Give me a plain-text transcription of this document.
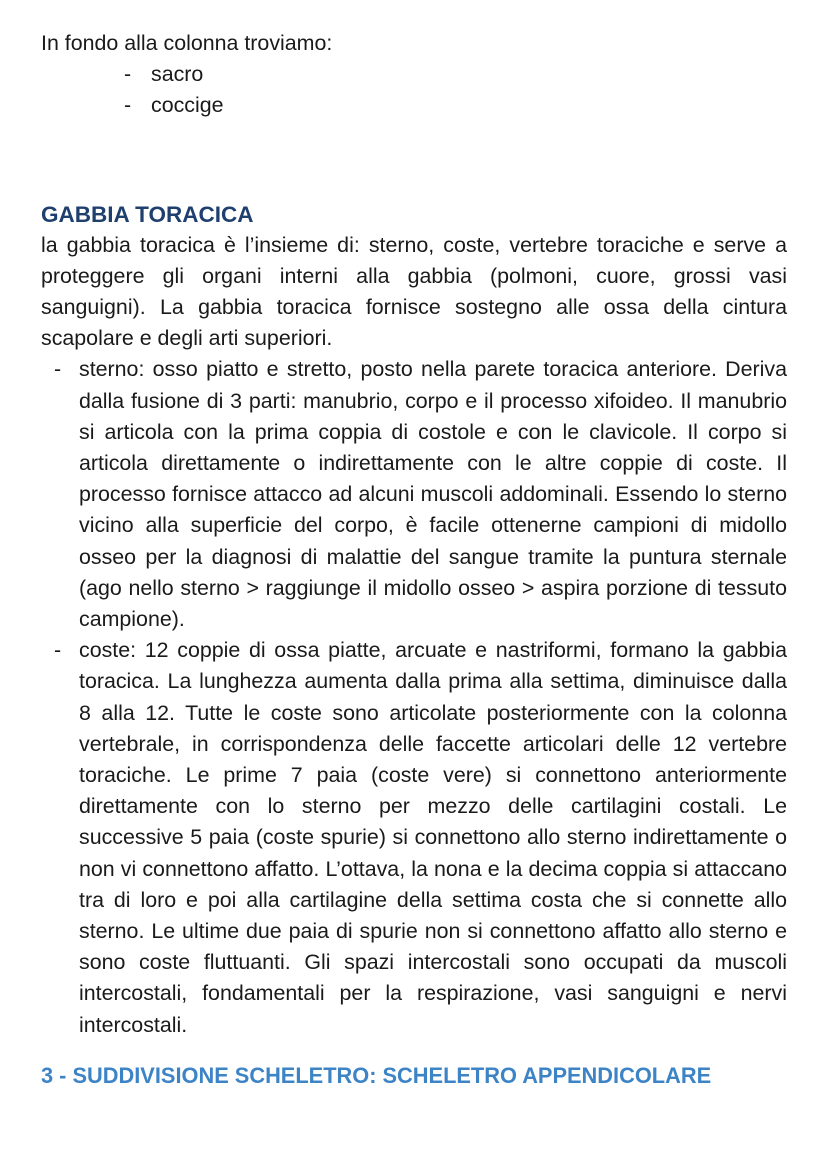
In fondo alla colonna troviamo:

- sacro
- coccige
GABBIA TORACICA

la gabbia toracica è l’insieme di: sterno, coste, vertebre toraciche e serve a proteggere gli organi interni alla gabbia (polmoni, cuore, grossi vasi sanguigni). La gabbia toracica fornisce sostegno alle ossa della cintura scapolare e degli arti superiori.

- sterno: osso piatto e stretto, posto nella parete toracica anteriore. Deriva dalla fusione di 3 parti: manubrio, corpo e il processo xifoideo. Il manubrio si articola con la prima coppia di costole e con le clavicole. Il corpo si articola direttamente o indirettamente con le altre coppie di coste. Il processo fornisce attacco ad alcuni muscoli addominali. Essendo lo sterno vicino alla superficie del corpo, è facile ottenerne campioni di midollo osseo per la diagnosi di malattie del sangue tramite la puntura sternale (ago nello sterno > raggiunge il midollo osseo > aspira porzione di tessuto campione).
- coste: 12 coppie di ossa piatte, arcuate e nastriformi, formano la gabbia toracica. La lunghezza aumenta dalla prima alla settima, diminuisce dalla 8 alla 12. Tutte le coste sono articolate posteriormente con la colonna vertebrale, in corrispondenza delle faccette articolari delle 12 vertebre toraciche. Le prime 7 paia (coste vere) si connettono anteriormente direttamente con lo sterno per mezzo delle cartilagini costali. Le successive 5 paia (coste spurie) si connettono allo sterno indirettamente o non vi connettono affatto. L’ottava, la nona e la decima coppia si attaccano tra di loro e poi alla cartilagine della settima costa che si connette allo sterno. Le ultime due paia di spurie non si connettono affatto allo sterno e sono coste fluttuanti. Gli spazi intercostali sono occupati da muscoli intercostali, fondamentali per la respirazione, vasi sanguigni e nervi intercostali.
3 - SUDDIVISIONE SCHELETRO: SCHELETRO APPENDICOLARE
